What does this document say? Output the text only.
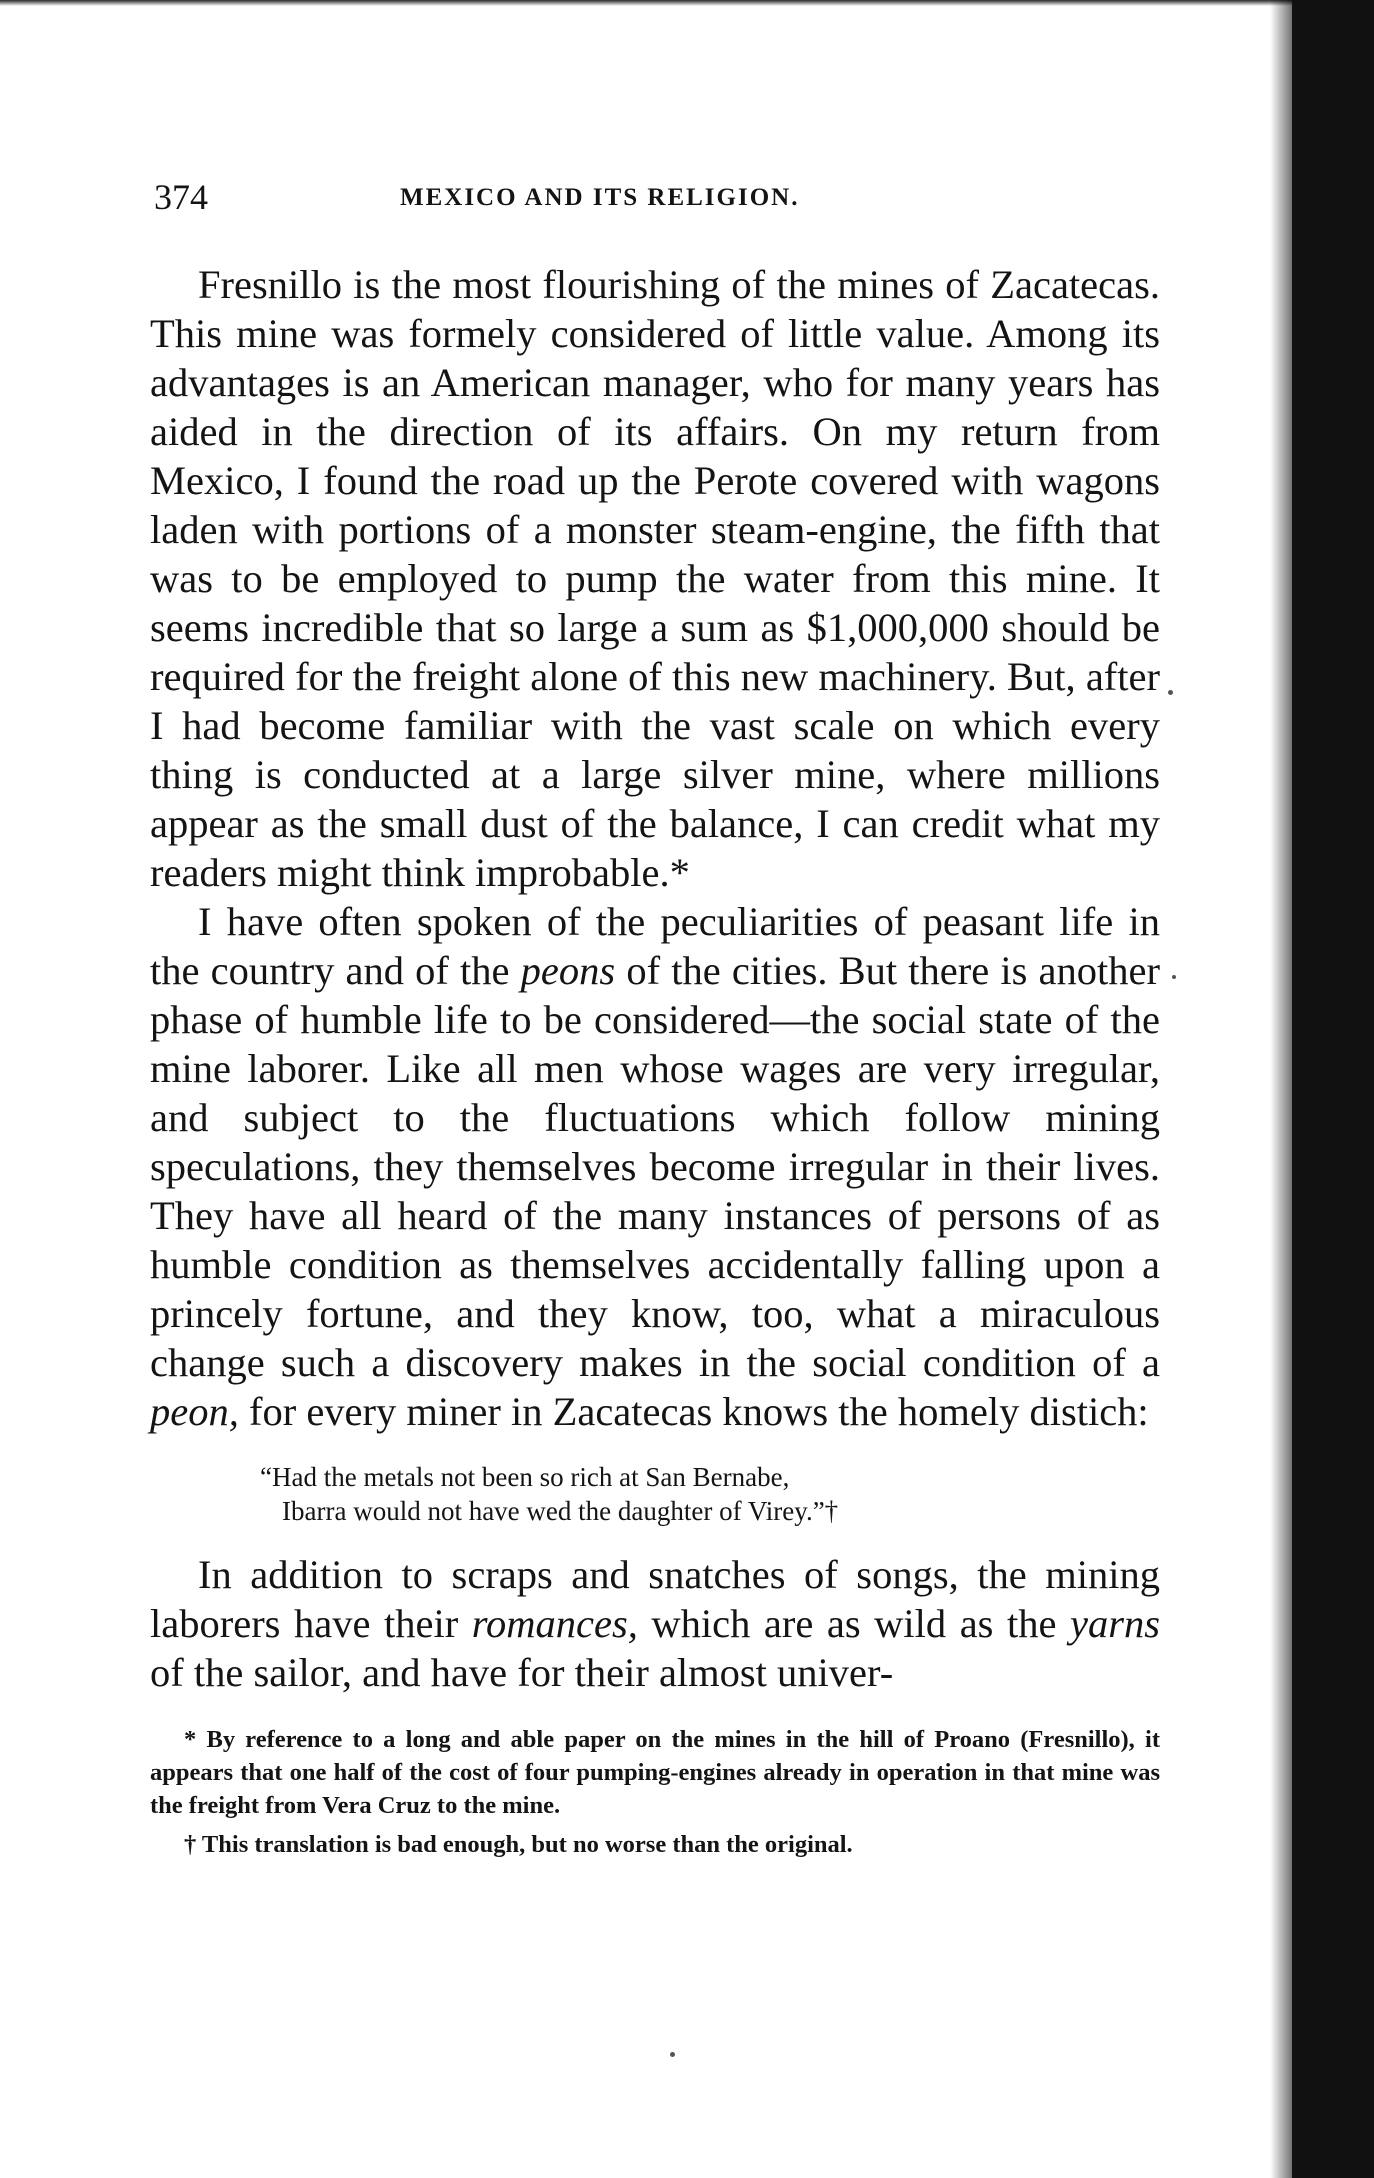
374	MEXICO AND ITS RELIGION.

Fresnillo is the most flourishing of the mines of Zacatecas. This mine was formely considered of little value. Among its advantages is an American manager, who for many years has aided in the direction of its affairs. On my return from Mexico, I found the road up the Perote covered with wagons laden with portions of a monster steam-engine, the fifth that was to be employed to pump the water from this mine. It seems incredible that so large a sum as $1,000,000 should be required for the freight alone of this new machinery. But, after I had become familiar with the vast scale on which every thing is conducted at a large silver mine, where millions appear as the small dust of the balance, I can credit what my readers might think improbable.*

I have often spoken of the peculiarities of peasant life in the country and of the peons of the cities. But there is another phase of humble life to be considered—the social state of the mine laborer. Like all men whose wages are very irregular, and subject to the fluctuations which follow mining speculations, they themselves become irregular in their lives. They have all heard of the many instances of persons of as humble condition as themselves accidentally falling upon a princely fortune, and they know, too, what a miraculous change such a discovery makes in the social condition of a peon, for every miner in Zacatecas knows the homely distich:

“Had the metals not been so rich at San Bernabe,
Ibarra would not have wed the daughter of Virey.”†

In addition to scraps and snatches of songs, the mining laborers have their romances, which are as wild as the yarns of the sailor, and have for their almost univer-

* By reference to a long and able paper on the mines in the hill of Proano (Fresnillo), it appears that one half of the cost of four pumping-engines already in operation in that mine was the freight from Vera Cruz to the mine.

† This translation is bad enough, but no worse than the original.
